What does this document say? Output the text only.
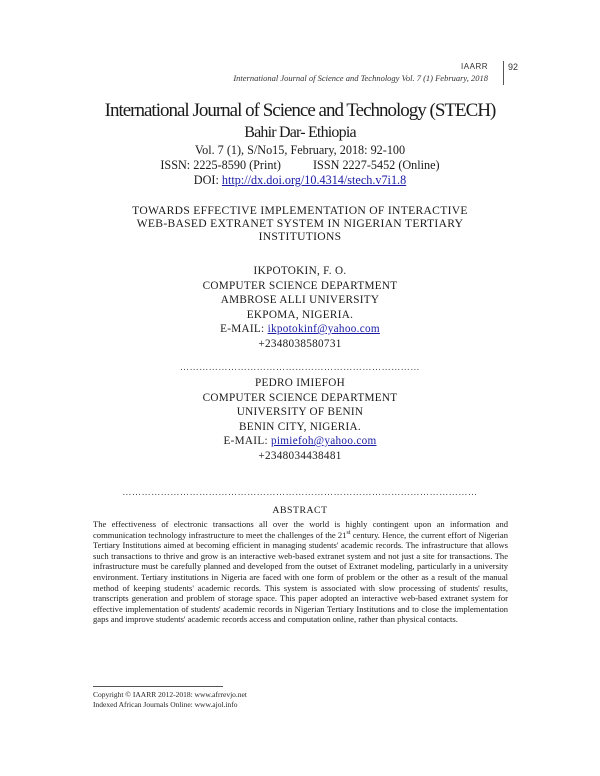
IAARR
International Journal of Science and Technology Vol. 7 (1) February, 2018
92
International Journal of Science and Technology (STECH)
Bahir Dar- Ethiopia
Vol. 7 (1), S/No15, February, 2018: 92-100
ISSN: 2225-8590 (Print)	ISSN 2227-5452 (Online)
DOI: http://dx.doi.org/10.4314/stech.v7i1.8
TOWARDS EFFECTIVE IMPLEMENTATION OF INTERACTIVE
WEB-BASED EXTRANET SYSTEM IN NIGERIAN TERTIARY
INSTITUTIONS
IKPOTOKIN, F. O.
COMPUTER SCIENCE DEPARTMENT
AMBROSE ALLI UNIVERSITY
EKPOMA, NIGERIA.
E-MAIL: ikpotokinf@yahoo.com
+2348038580731
…………………………………………………………………
PEDRO IMIEFOH
COMPUTER SCIENCE DEPARTMENT
UNIVERSITY OF BENIN
BENIN CITY, NIGERIA.
E-MAIL: pimiefoh@yahoo.com
+2348034438481
…………………………………………………………………………………………………
ABSTRACT
The effectiveness of electronic transactions all over the world is highly contingent upon an information and communication technology infrastructure to meet the challenges of the 21st century. Hence, the current effort of Nigerian Tertiary Institutions aimed at becoming efficient in managing students' academic records. The infrastructure that allows such transactions to thrive and grow is an interactive web-based extranet system and not just a site for transactions. The infrastructure must be carefully planned and developed from the outset of Extranet modeling, particularly in a university environment. Tertiary institutions in Nigeria are faced with one form of problem or the other as a result of the manual method of keeping students' academic records. This system is associated with slow processing of students' results, transcripts generation and problem of storage space. This paper adopted an interactive web-based extranet system for effective implementation of students' academic records in Nigerian Tertiary Institutions and to close the implementation gaps and improve students' academic records access and computation online, rather than physical contacts.
Copyright © IAARR 2012-2018: www.afrrevjo.net
Indexed African Journals Online: www.ajol.info
